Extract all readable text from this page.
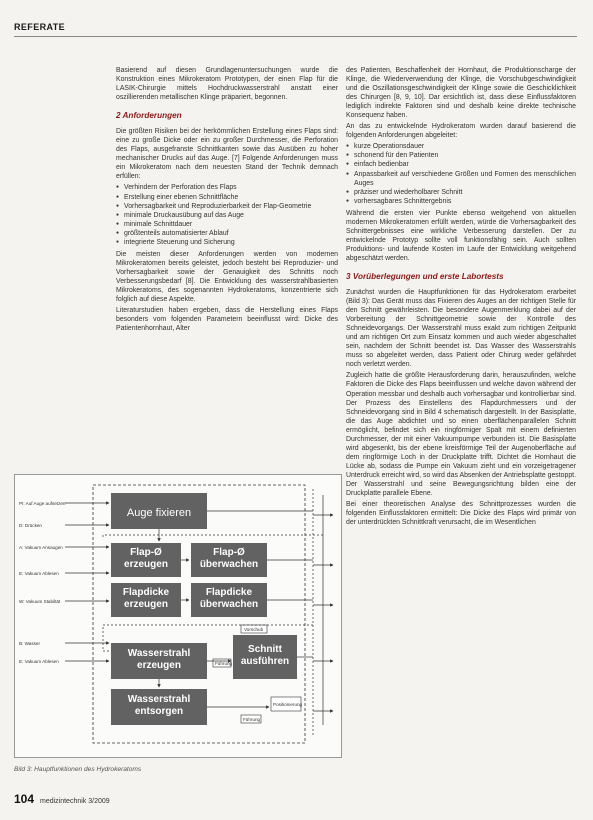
REFERATE

Basierend auf diesen Grundlagenuntersuchungen wurde die Konstruktion eines Mikrokeratom Prototypen, der einen Flap für die LASIK-Chirurgie mittels Hochdruckwasserstrahl anstatt einer oszillierenden metallischen Klinge präpariert, begonnen.

2 Anforderungen

Die größten Risiken bei der herkömmlichen Erstellung eines Flaps sind: eine zu große Dicke oder ein zu großer Durchmesser, die Perforation des Flaps, ausgefranste Schnittkanten sowie das Ausüben zu hoher mechanischer Drucks auf das Auge. [7] Folgende Anforderungen muss ein Mikrokeratom nach dem neuesten Stand der Technik demnach erfüllen:

● Verhindern der Perforation des Flaps
● Erstellung einer ebenen Schnittfläche
● Vorhersagbarkeit und Reproduzierbarkeit der Flap-Geometrie
● minimale Druckausübung auf das Auge
● minimale Schnittdauer
● größtenteils automatisierter Ablauf
● integrierte Steuerung und Sicherung

Die meisten dieser Anforderungen werden von modernen Mikrokeratomen bereits geleistet, jedoch besteht bei Reproduzier- und Vorhersagbarkeit sowie der Genauigkeit des Schnitts noch Verbesserungsbedarf [8]. Die Entwicklung des wasserstrahlbasierten Mikrokeratoms, des sogenannten Hydrokeratoms, konzentrierte sich folglich auf diese Aspekte.

Literaturstudien haben ergeben, dass die Herstellung eines Flaps besonders vom folgenden Parametern beeinflusst wird: Dicke des Patientenhornhaut, Alter

des Patienten, Beschaffenheit der Hornhaut, die Produktionscharge der Klinge, die Wiederverwendung der Klinge, die Vorschubgeschwindigkeit und die Oszillationsgeschwindigkeit der Klinge sowie die Geschicklichkeit des Chirurgen [8, 9, 10]. Dar ersichtlich ist, dass diese Einflussfaktoren lediglich indirekte Faktoren sind und deshalb keine direkte technische Konsequenz haben.

An das zu entwickelnde Hydrokeratom wurden darauf basierend die folgenden Anforderungen abgeleitet:

● kurze Operationsdauer
● schonend für den Patienten
● einfach bedienbar
● Anpassbarkeit auf verschiedene Größen und Formen des menschlichen Auges
● präziser und wiederholbarer Schnitt
● vorhersagbares Schnittergebnis

Während die ersten vier Punkte ebenso weitgehend von aktuellen modernen Mikrokeratomen erfüllt werden, würde die Vorhersagbarkeit des Schnittergebnisses eine wirkliche Verbesserung darstellen. Der zu entwickelnde Prototyp sollte voll funktionsfähig sein. Auch sollten Produktions- und laufende Kosten im Laufe der Entwicklung weitgehend abgeschätzt werden.

3 Vorüberlegungen und erste Labortests

Zunächst wurden die Hauptfunktionen für das Hydrokeratom erarbeitet (Bild 3): Das Gerät muss das Fixieren des Auges an der richtigen Stelle für den Schnitt gewährleisten. Die besondere Augenmerklung dabei auf der Vorbereitung der Schnittgeometrie sowie der Kontrolle des Schneidevorgangs. Der Wasserstrahl muss exakt zum richtigen Zeitpunkt und am richtigen Ort zum Einsatz kommen und auch wieder abgeschaltet sein, nachdem der Schnitt beendet ist. Das Wasser des Wasserstrahls muss so abgeleitet werden, dass Patient oder Chirurg weder gefährdet noch verletzt werden.

Zugleich hatte die größte Herausforderung darin, herauszufinden, welche Faktoren die Dicke des Flaps beeinflussen und welche davon während der Operation messbar und deshalb auch vorhersagbar und kontrollierbar sind. Der Prozess des Einstellens des Flapdurchmessers und der Schneidevorgang sind in Bild 4 schematisch dargestellt. In der Basisplatte, die das Auge abdichtet und so einen oberflächenparallelen Schnitt ermöglicht, befindet sich ein ringförmiger Spalt mit einem definierten Durchmesser, der mit einer Vakuumpumpe verbunden ist. Die Basisplatte wird abgesenkt, bis der ebene kreisförmige Teil der Augenoberfläche auf dem ringförmige Loch in der Druckplatte trifft. Dichtet die Hornhaut die Lücke ab, sodass die Pumpe ein Vakuum zieht und ein vorzeigetragener Unterdruck erreicht wird, so wird das Absenken der Antriebsplatte gestoppt. Der Wasserstrahl und seine Bewegungsrichtung bilden eine der Druckplatte parallele Ebene.

Bei einer theoretischen Analyse des Schnittprozesses wurden die folgenden Einflussfaktoren ermittelt: Die Dicke des Flaps wird primär von der unterdrückten Schnittkraft verursacht, die im Wesentlichen

PI: Auf Auge aufsetzen
D: Drücken
A: Vakuum Ansaugen
E: Vakuum Ablesen
W: Vakuum Stabiltät
B: Wasser
E: Vakuum Ablesen
Auge fixieren
Flap-Ø erzeugen
Flap-Ø überwachen
Flapdicke erzeugen
Flapdicke überwachen
Wasserstrahl erzeugen
Schnitt ausführen
Wasserstrahl entsorgen
Vorschub
Führung
Positionierung
Führung
Bild 3: Hauptfunktionen des Hydrokeratoms
104 medizintechnik 3/2009
